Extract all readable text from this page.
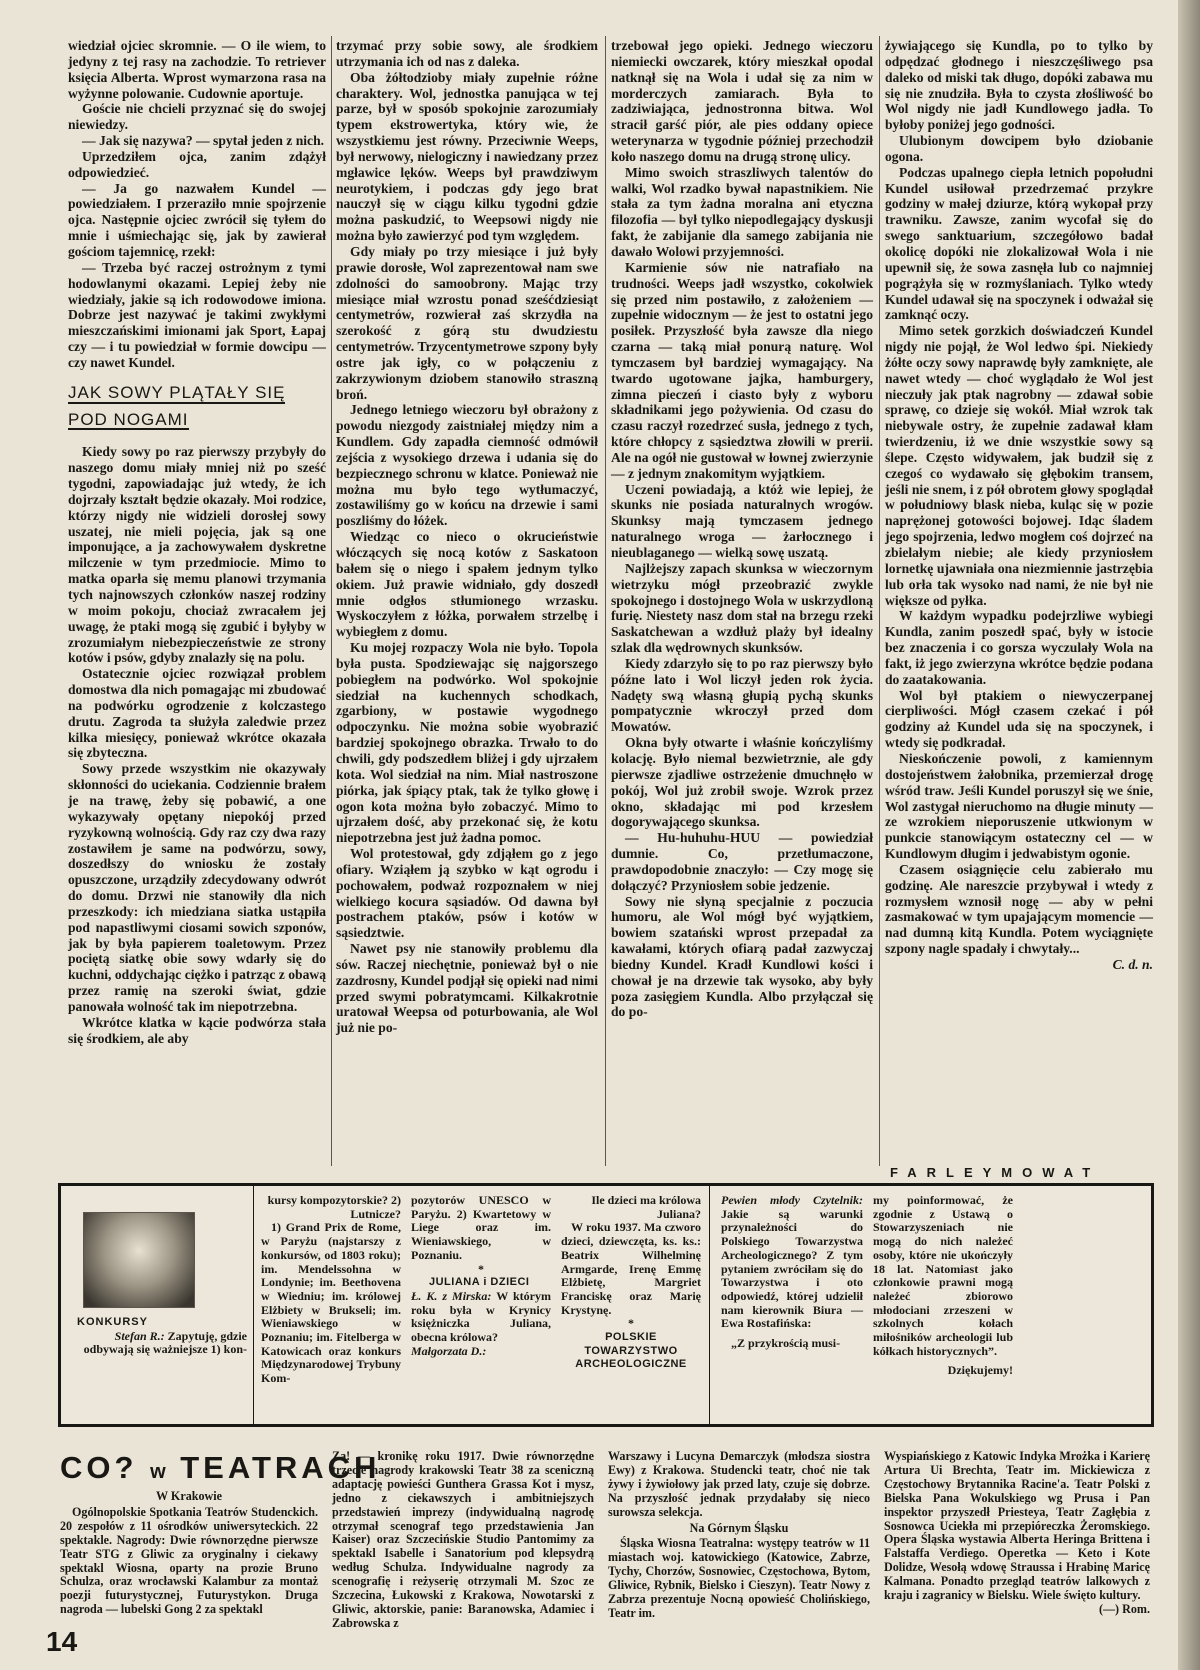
wiedział ojciec skromnie. — O ile wiem, to jedyny z tej rasy na zachodzie. To retriever księcia Alberta. Wprost wymarzona rasa na wyżynne polowanie. Cudownie aportuje.

Goście nie chcieli przyznać się do swojej niewiedzy.

— Jak się nazywa? — spytał jeden z nich.

Uprzedziłem ojca, zanim zdążył odpowiedzieć.

— Ja go nazwałem Kundel — powiedziałem. I przeraziło mnie spojrzenie ojca. Następnie ojciec zwrócił się tyłem do mnie i uśmiechając się, jak by zawierał gościom tajemnicę, rzekł:

— Trzeba być raczej ostrożnym z tymi hodowlanymi okazami. Lepiej żeby nie wiedziały, jakie są ich rodowodowe imiona. Dobrze jest nazywać je takimi zwykłymi mieszczańskimi imionami jak Sport, Łapaj czy — i tu powiedział w formie dowcipu — czy nawet Kundel.

JAK SOWY PLĄTAŁY SIĘ
POD NOGAMI

Kiedy sowy po raz pierwszy przybyły do naszego domu miały mniej niż po sześć tygodni, zapowiadając już wtedy, że ich dojrzały kształt będzie okazały. Moi rodzice, którzy nigdy nie widzieli dorosłej sowy uszatej, nie mieli pojęcia, jak są one imponujące, a ja zachowywałem dyskretne milczenie w tym przedmiocie. Mimo to matka oparła się memu planowi trzymania tych najnowszych członków naszej rodziny w moim pokoju, chociaż zwracałem jej uwagę, że ptaki mogą się zgubić i byłyby w zrozumiałym niebezpieczeństwie ze strony kotów i psów, gdyby znalazły się na polu.

Ostatecznie ojciec rozwiązał problem domostwa dla nich pomagając mi zbudować na podwórku ogrodzenie z kolczastego drutu. Zagroda ta służyła zaledwie przez kilka miesięcy, ponieważ wkrótce okazała się zbyteczna.

Sowy przede wszystkim nie okazywały skłonności do uciekania. Codziennie brałem je na trawę, żeby się pobawić, a one wykazywały opętany niepokój przed ryzykowną wolnością. Gdy raz czy dwa razy zostawiłem je same na podwórzu, sowy, doszedłszy do wniosku że zostały opuszczone, urządziły zdecydowany odwrót do domu. Drzwi nie stanowiły dla nich przeszkody: ich miedziana siatka ustąpiła pod napastliwymi ciosami sowich szponów, jak by była papierem toaletowym. Przez pociętą siatkę obie sowy wdarły się do kuchni, oddychając ciężko i patrząc z obawą przez ramię na szeroki świat, gdzie panowała wolność tak im niepotrzebna.

Wkrótce klatka w kącie podwórza stała się środkiem, ale aby

trzymać przy sobie sowy, ale środkiem utrzymania ich od nas z daleka.

Oba żółtodzioby miały zupełnie różne charaktery. Wol, jednostka panująca w tej parze, był w sposób spokojnie zarozumiały typem ekstrowertyka, który wie, że wszystkiemu jest równy. Przeciwnie Weeps, był nerwowy, nielogiczny i nawiedzany przez mgławice lęków. Weeps był prawdziwym neurotykiem, i podczas gdy jego brat nauczył się w ciągu kilku tygodni gdzie można paskudzić, to Weepsowi nigdy nie można było zawierzyć pod tym względem.

Gdy miały po trzy miesiące i już były prawie dorosłe, Wol zaprezentował nam swe zdolności do samoobrony. Mając trzy miesiące miał wzrostu ponad sześćdziesiąt centymetrów, rozwierał zaś skrzydła na szerokość z górą stu dwudziestu centymetrów. Trzycentymetrowe szpony były ostre jak igły, co w połączeniu z zakrzywionym dziobem stanowiło straszną broń.

Jednego letniego wieczoru był obrażony z powodu niezgody zaistniałej między nim a Kundlem. Gdy zapadła ciemność odmówił zejścia z wysokiego drzewa i udania się do bezpiecznego schronu w klatce. Ponieważ nie można mu było tego wytłumaczyć, zostawiliśmy go w końcu na drzewie i sami poszliśmy do łóżek.

Wiedząc co nieco o okrucieństwie włóczących się nocą kotów z Saskatoon bałem się o niego i spałem jednym tylko okiem. Już prawie widniało, gdy doszedł mnie odgłos stłumionego wrzasku. Wyskoczyłem z łóżka, porwałem strzelbę i wybiegłem z domu.

Ku mojej rozpaczy Wola nie było. Topola była pusta. Spodziewając się najgorszego pobiegłem na podwórko. Wol spokojnie siedział na kuchennych schodkach, zgarbiony, w postawie wygodnego odpoczynku. Nie można sobie wyobrazić bardziej spokojnego obrazka. Trwało to do chwili, gdy podszedłem bliżej i gdy ujrzałem kota. Wol siedział na nim. Miał nastroszone piórka, jak śpiący ptak, tak że tylko głowę i ogon kota można było zobaczyć. Mimo to ujrzałem dość, aby przekonać się, że kotu niepotrzebna jest już żadna pomoc.

Wol protestował, gdy zdjąłem go z jego ofiary. Wziąłem ją szybko w kąt ogrodu i pochowałem, podważ rozpoznałem w niej wielkiego kocura sąsiadów. Od dawna był postrachem ptaków, psów i kotów w sąsiedztwie.

Nawet psy nie stanowiły problemu dla sów. Raczej niechętnie, ponieważ był o nie zazdrosny, Kundel podjął się opieki nad nimi przed swymi pobratymcami. Kilkakrotnie uratował Weepsa od poturbowania, ale Wol już nie po-

trzebował jego opieki. Jednego wieczoru niemiecki owczarek, który mieszkał opodal natknął się na Wola i udał się za nim w morderczych zamiarach. Była to zadziwiająca, jednostronna bitwa. Wol stracił garść piór, ale pies oddany opiece weterynarza w tygodnie później przechodził koło naszego domu na drugą stronę ulicy.

Mimo swoich straszliwych talentów do walki, Wol rzadko bywał napastnikiem. Nie stała za tym żadna moralna ani etyczna filozofia — był tylko niepodlegający dyskusji fakt, że zabijanie dla samego zabijania nie dawało Wolowi przyjemności.

Karmienie sów nie natrafiało na trudności. Weeps jadł wszystko, cokolwiek się przed nim postawiło, z założeniem — zupełnie widocznym — że jest to ostatni jego posiłek. Przyszłość była zawsze dla niego czarna — taką miał ponurą naturę. Wol tymczasem był bardziej wymagający. Na twardo ugotowane jajka, hamburgery, zimna pieczeń i ciasto były z wyboru składnikami jego pożywienia. Od czasu do czasu raczył rozedrzeć susła, jednego z tych, które chłopcy z sąsiedztwa złowili w prerii. Ale na ogół nie gustował w łownej zwierzynie — z jednym znakomitym wyjątkiem.

Uczeni powiadają, a któż wie lepiej, że skunks nie posiada naturalnych wrogów. Skunksy mają tymczasem jednego naturalnego wroga — żarłocznego i nieublaganego — wielką sowę uszatą.

Najlżejszy zapach skunksa w wieczornym wietrzyku mógł przeobrazić zwykle spokojnego i dostojnego Wola w uskrzydloną furię. Niestety nasz dom stał na brzegu rzeki Saskatchewan a wzdłuż plaży był idealny szlak dla wędrownych skunksów.

Kiedy zdarzyło się to po raz pierwszy było późne lato i Wol liczył jeden rok życia. Nadęty swą własną głupią pychą skunks pompatycznie wkroczył przed dom Mowatów.

Okna były otwarte i właśnie kończyliśmy kolację. Było niemal bezwietrznie, ale gdy pierwsze zjadliwe ostrzeżenie dmuchnęło w pokój, Wol już zrobił swoje. Wzrok przez okno, składając mi pod krzesłem dogorywającego skunksa.

— Hu-huhuhu-HUU — powiedział dumnie. Co, przetłumaczone, prawdopodobnie znaczyło: — Czy mogę się dołączyć? Przyniosłem sobie jedzenie.

Sowy nie słyną specjalnie z poczucia humoru, ale Wol mógł być wyjątkiem, bowiem szatański wprost przepadał za kawałami, których ofiarą padał zazwyczaj biedny Kundel. Kradł Kundlowi kości i chował je na drzewie tak wysoko, aby były poza zasięgiem Kundla. Albo przyłączał się do po-

żywiającego się Kundla, po to tylko by odpędzać głodnego i nieszczęśliwego psa daleko od miski tak długo, dopóki zabawa mu się nie znudziła. Była to czysta złośliwość bo Wol nigdy nie jadł Kundlowego jadła. To byłoby poniżej jego godności.

Ulubionym dowcipem było dziobanie ogona.

Podczas upalnego ciepła letnich popołudni Kundel usiłował przedrzemać przykre godziny w małej dziurze, którą wykopał przy trawniku. Zawsze, zanim wycofał się do swego sanktuarium, szczegółowo badał okolicę dopóki nie zlokalizował Wola i nie upewnił się, że sowa zasnęła lub co najmniej pogrążyła się w rozmyślaniach. Tylko wtedy Kundel udawał się na spoczynek i odważał się zamknąć oczy.

Mimo setek gorzkich doświadczeń Kundel nigdy nie pojął, że Wol ledwo śpi. Niekiedy żółte oczy sowy naprawdę były zamknięte, ale nawet wtedy — choć wyglądało że Wol jest nieczuły jak ptak nagrobny — zdawał sobie sprawę, co dzieje się wokół. Miał wzrok tak niebywale ostry, że zupełnie zadawał kłam twierdzeniu, iż we dnie wszystkie sowy są ślepe. Często widywałem, jak budził się z czegoś co wydawało się głębokim transem, jeśli nie snem, i z pół obrotem głowy spoglądał w południowy blask nieba, kuląc się w pozie naprężonej gotowości bojowej. Idąc śladem jego spojrzenia, ledwo mogłem coś dojrzeć na zbielałym niebie; ale kiedy przyniosłem lornetkę ujawniała ona niezmiennie jastrzębia lub orła tak wysoko nad nami, że nie był nie większe od pyłka.

W każdym wypadku podejrzliwe wybiegi Kundla, zanim poszedł spać, były w istocie bez znaczenia i co gorsza wyczulały Wola na fakt, iż jego zwierzyna wkrótce będzie podana do zaatakowania.

Wol był ptakiem o niewyczerpanej cierpliwości. Mógł czasem czekać i pół godziny aż Kundel uda się na spoczynek, i wtedy się podkradał.

Nieskończenie powoli, z kamiennym dostojeństwem żałobnika, przemierzał drogę wśród traw. Jeśli Kundel poruszył się we śnie, Wol zastygał nieruchomo na długie minuty — ze wzrokiem nieporuszenie utkwionym w punkcie stanowiącym ostateczny cel — w Kundlowym długim i jedwabistym ogonie.

Czasem osiągnięcie celu zabierało mu godzinę. Ale nareszcie przybywał i wtedy z rozmysłem wznosił nogę — aby w pełni zasmakować w tym upajającym momencie — nad dumną kitą Kundla. Potem wyciągnięte szpony nagle spadały i chwytały...

C. d. n.

FARLEYMOWAT
KONKURSY
Stefan R.: Zapytuję, gdzie odbywają się ważniejsze 1) kon-

kursy kompozytorskie? 2) Lutnicze?

1) Grand Prix de Rome, w Paryżu (najstarszy z konkursów, od 1803 roku); im. Mendelssohna w Londynie; im. Beethovena w Wiedniu; im. królowej Elżbiety w Brukseli; im. Wieniawskiego w Poznaniu; im. Fitelberga w Katowicach oraz konkurs Międzynarodowej Trybuny Kom-

pozytorów UNESCO w Paryżu. 2) Kwartetowy w Liege oraz im. Wieniawskiego, w Poznaniu.

*

JULIANA i DZIECI

Ł. K. z Mirska: W którym roku była w Krynicy księżniczka Juliana, obecna królowa?

Małgorzata D.:

Ile dzieci ma królowa Juliana?

W roku 1937. Ma czworo dzieci, dziewczęta, ks. ks.: Beatrix Wilhelminę Armgarde, Irenę Emmę Elżbietę, Margriet Franciskę oraz Marię Krystynę.

*

POLSKIE TOWARZYSTWO ARCHEOLOGICZNE

Pewien młody Czytelnik: Jakie są warunki przynależności do Polskiego Towarzystwa Archeologicznego? Z tym pytaniem zwróciłam się do Towarzystwa i oto odpowiedź, której udzielił nam kierownik Biura — Ewa Rostafińska:

„Z przykrością musi-

my poinformować, że zgodnie z Ustawą o Stowarzyszeniach nie mogą do nich należeć osoby, które nie ukończyły 18 lat. Natomiast jako członkowie prawni mogą należeć zbiorowo młodociani zrzeszeni w szkolnych kołach miłośników archeologii lub kółkach historycznych”.

Dziękujemy!

CO? w TEATRACH

W Krakowie

Ogólnopolskie Spotkania Teatrów Studenckich. 20 zespołów z 11 ośrodków uniwersyteckich. 22 spektakle. Nagrody: Dwie równorzędne pierwsze Teatr STG z Gliwic za oryginalny i ciekawy spektakl Wiosna, oparty na prozie Bruno Schulza, oraz wrocławski Kalambur za montaż poezji futurystycznej, Futurystykon. Druga nagroda — lubelski Gong 2 za spektakl

Za! — kronikę roku 1917. Dwie równorzędne trzecie nagrody krakowski Teatr 38 za sceniczną adaptację powieści Gunthera Grassa Kot i mysz, jedno z ciekawszych i ambitniejszych przedstawień imprezy (indywidualną nagrodę otrzymał scenograf tego przedstawienia Jan Kaiser) oraz Szczecińskie Studio Pantomimy za spektakl Isabelle i Sanatorium pod klepsydrą według Schulza. Indywidualne nagrody za scenografię i reżyserię otrzymali M. Szoc ze Szczecina, Łukowski z Krakowa, Nowotarski z Gliwic, aktorskie, panie: Baranowska, Adamiec i Zabrowska z

Warszawy i Lucyna Demarczyk (młodsza siostra Ewy) z Krakowa. Studencki teatr, choć nie tak żywy i żywiołowy jak przed laty, czuje się dobrze. Na przyszłość jednak przydałaby się nieco surowsza selekcja.

Na Górnym Śląsku

Śląska Wiosna Teatralna: występy teatrów w 11 miastach woj. katowickiego (Katowice, Zabrze, Tychy, Chorzów, Sosnowiec, Częstochowa, Bytom, Gliwice, Rybnik, Bielsko i Cieszyn). Teatr Nowy z Zabrza prezentuje Nocną opowieść Cholińskiego, Teatr im.

Wyspiańskiego z Katowic Indyka Mrożka i Karierę Artura Ui Brechta, Teatr im. Mickiewicza z Częstochowy Brytannika Racine'a. Teatr Polski z Bielska Pana Wokulskiego wg Prusa i Pan inspektor przyszedł Priesteya, Teatr Zagłębia z Sosnowca Uciekła mi przepióreczka Żeromskiego. Opera Śląska wystawia Alberta Heringa Brittena i Falstaffa Verdiego. Operetka — Keto i Kote Dolidze, Wesołą wdowę Straussa i Hrabinę Maricę Kalmana. Ponadto przegląd teatrów lalkowych z kraju i zagranicy w Bielsku. Wiele święto kultury.

(—) Rom.

14
